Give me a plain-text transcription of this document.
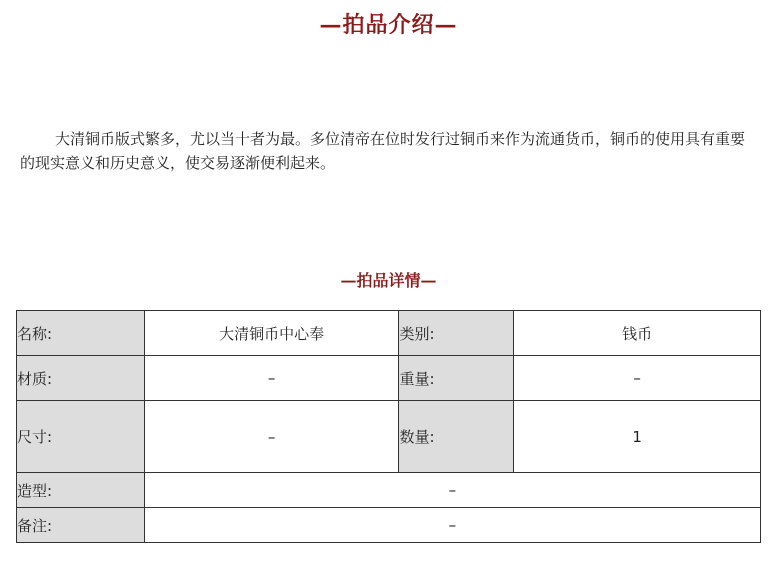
—拍品介绍—

大清铜币版式繁多，尤以当十者为最。多位清帝在位时发行过铜币来作为流通货币，铜币的使用具有重要的现实意义和历史意义，使交易逐渐便利起来。

—拍品详情—
名称:	大清铜币中心奉	类别:	钱币
材质:	–	重量:	–
尺寸:	–	数量:	1
造型:	–		
备注:	–		
